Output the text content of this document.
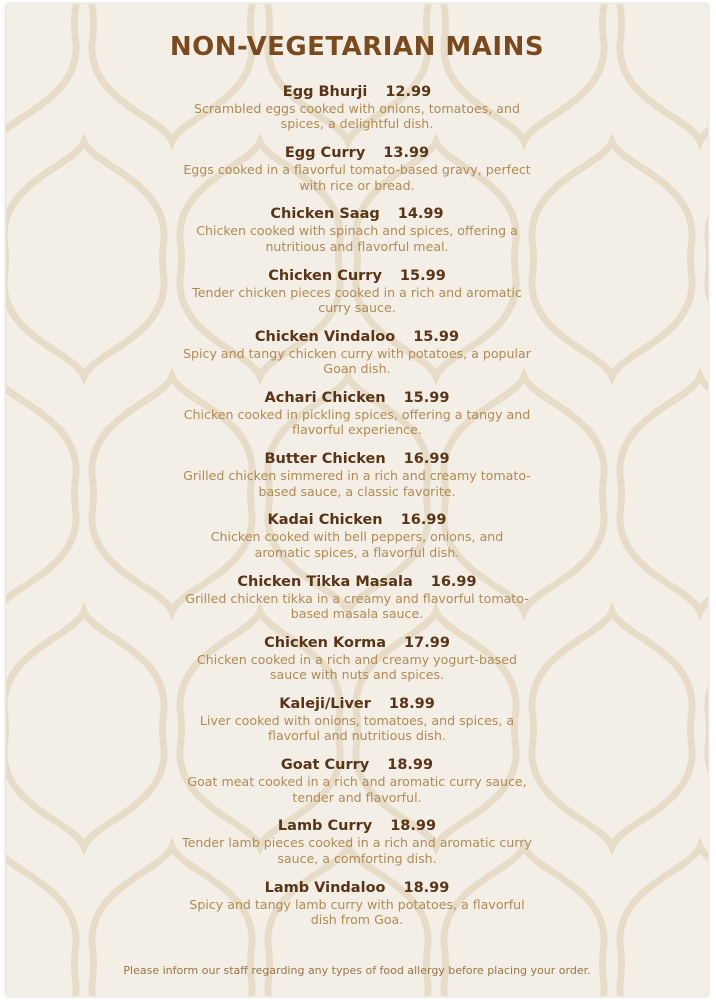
NON-VEGETARIAN MAINS
Egg Bhurji 12.99
Scrambled eggs cooked with onions, tomatoes, and spices, a delightful dish.
Egg Curry 13.99
Eggs cooked in a flavorful tomato-based gravy, perfect with rice or bread.
Chicken Saag 14.99
Chicken cooked with spinach and spices, offering a nutritious and flavorful meal.
Chicken Curry 15.99
Tender chicken pieces cooked in a rich and aromatic curry sauce.
Chicken Vindaloo 15.99
Spicy and tangy chicken curry with potatoes, a popular Goan dish.
Achari Chicken 15.99
Chicken cooked in pickling spices, offering a tangy and flavorful experience.
Butter Chicken 16.99
Grilled chicken simmered in a rich and creamy tomato-based sauce, a classic favorite.
Kadai Chicken 16.99
Chicken cooked with bell peppers, onions, and aromatic spices, a flavorful dish.
Chicken Tikka Masala 16.99
Grilled chicken tikka in a creamy and flavorful tomato-based masala sauce.
Chicken Korma 17.99
Chicken cooked in a rich and creamy yogurt-based sauce with nuts and spices.
Kaleji/Liver 18.99
Liver cooked with onions, tomatoes, and spices, a flavorful and nutritious dish.
Goat Curry 18.99
Goat meat cooked in a rich and aromatic curry sauce, tender and flavorful.
Lamb Curry 18.99
Tender lamb pieces cooked in a rich and aromatic curry sauce, a comforting dish.
Lamb Vindaloo 18.99
Spicy and tangy lamb curry with potatoes, a flavorful dish from Goa.
Please inform our staff regarding any types of food allergy before placing your order.
